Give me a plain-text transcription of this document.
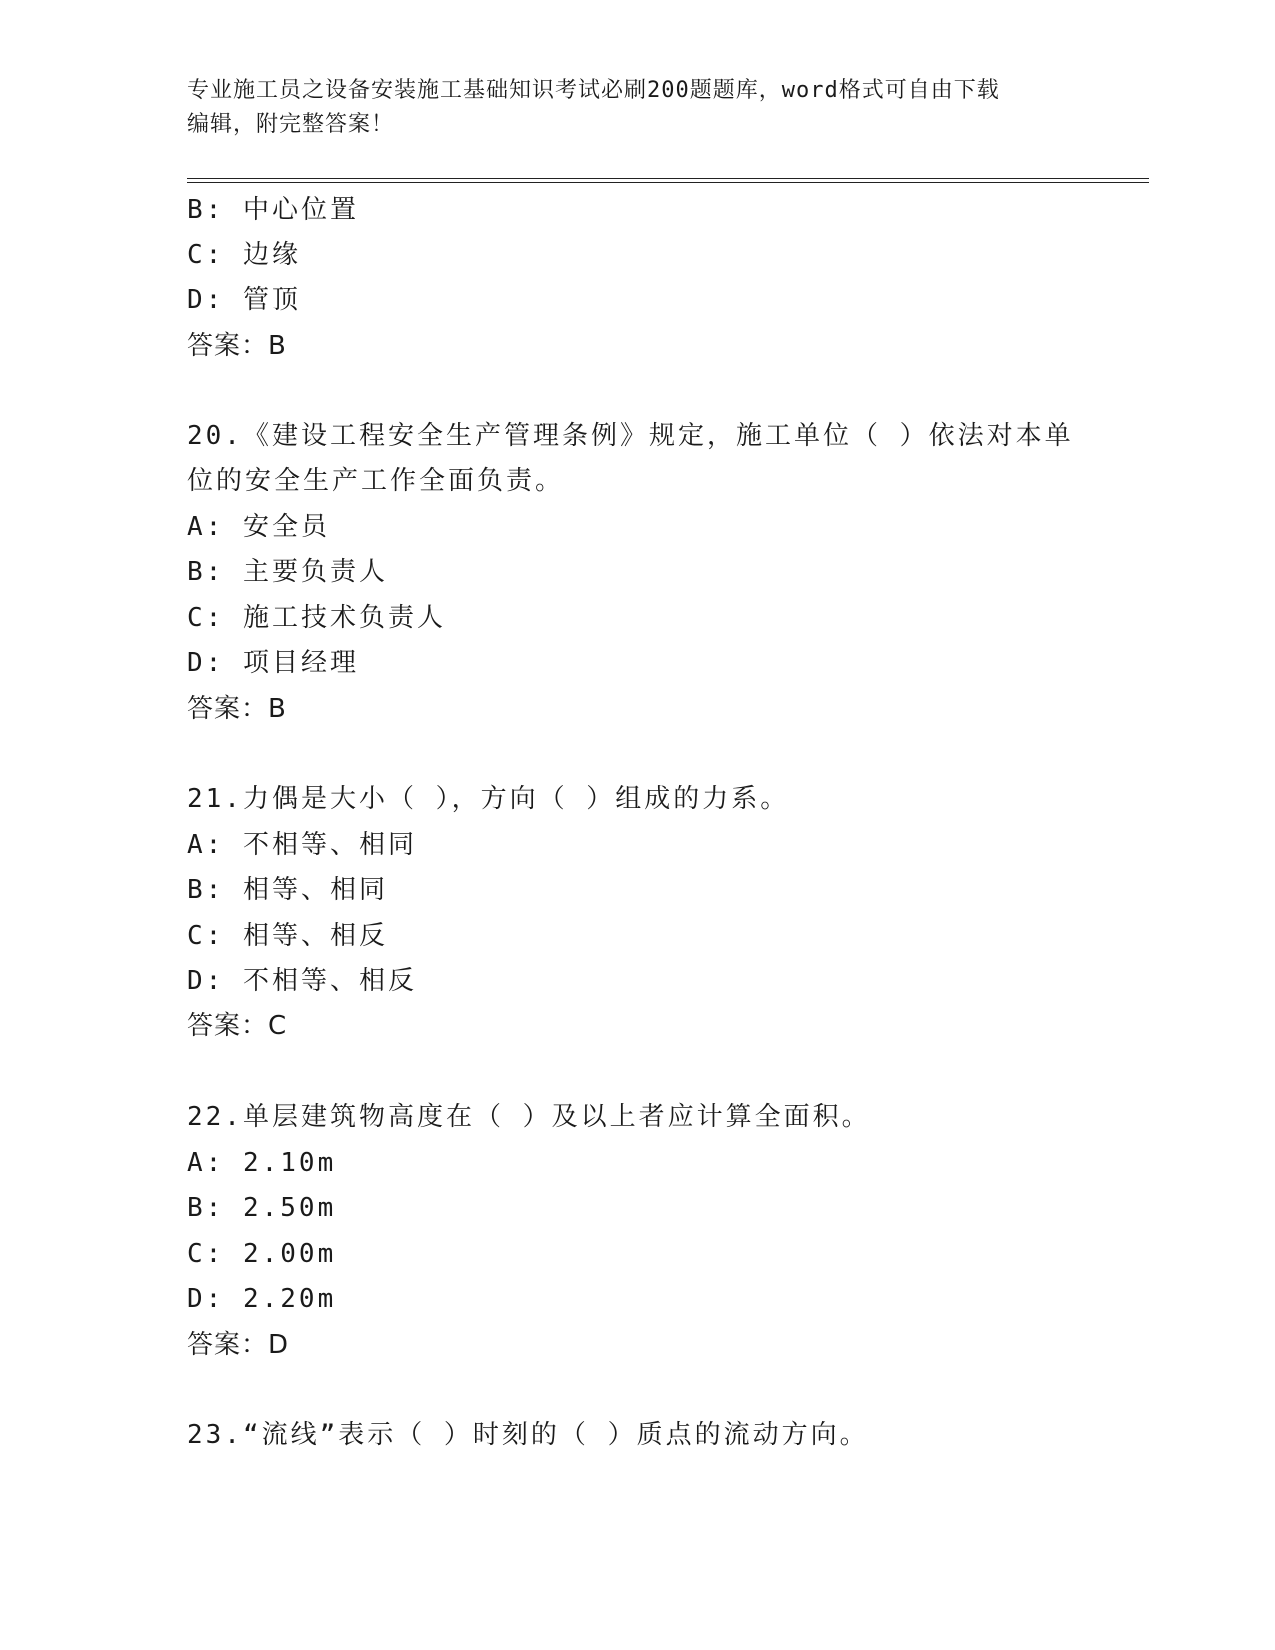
专业施工员之设备安装施工基础知识考试必刷200题题库，word格式可自由下载
编辑，附完整答案！
B: 中心位置
C: 边缘
D: 管顶
答案：B
20.《建设工程安全生产管理条例》规定，施工单位（ ）依法对本单
位的安全生产工作全面负责。
A: 安全员
B: 主要负责人
C: 施工技术负责人
D: 项目经理
答案：B
21.力偶是大小（ ），方向（ ）组成的力系。
A: 不相等、相同
B: 相等、相同
C: 相等、相反
D: 不相等、相反
答案：C
22.单层建筑物高度在（ ）及以上者应计算全面积。
A: 2.10m
B: 2.50m
C: 2.00m
D: 2.20m
答案：D
23.“流线”表示（ ）时刻的（ ）质点的流动方向。
